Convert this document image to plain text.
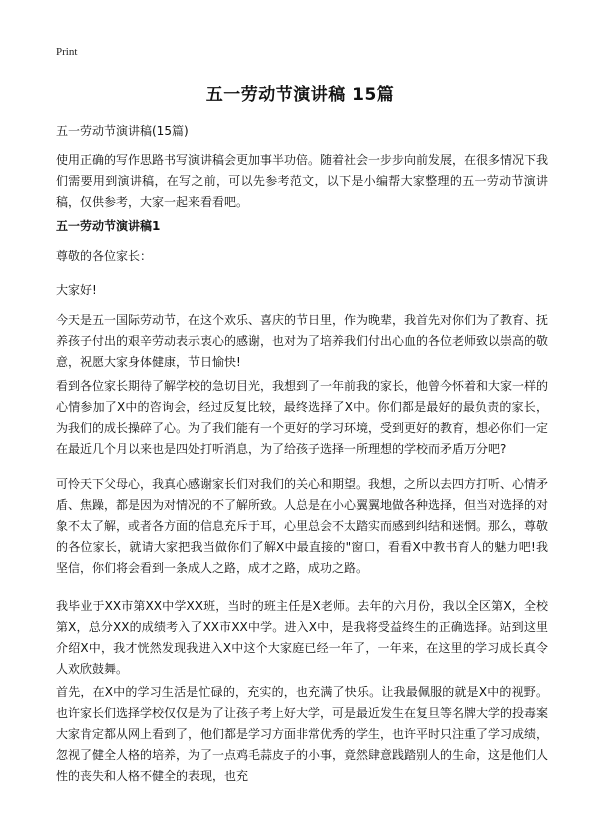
Print
五一劳动节演讲稿 15篇

五一劳动节演讲稿(15篇)

使用正确的写作思路书写演讲稿会更加事半功倍。随着社会一步步向前发展，在很多情况下我们需要用到演讲稿，在写之前，可以先参考范文，以下是小编帮大家整理的五一劳动节演讲稿，仅供参考，大家一起来看看吧。

五一劳动节演讲稿1

尊敬的各位家长：

大家好!

今天是五一国际劳动节，在这个欢乐、喜庆的节日里，作为晚辈，我首先对你们为了教育、抚养孩子付出的艰辛劳动表示衷心的感谢，也对为了培养我们付出心血的各位老师致以崇高的敬意，祝愿大家身体健康，节日愉快!

看到各位家长期待了解学校的急切目光，我想到了一年前我的家长，他曾今怀着和大家一样的心情参加了X中的咨询会，经过反复比较，最终选择了X中。你们都是最好的最负责的家长，为我们的成长操碎了心。为了我们能有一个更好的学习环境，受到更好的教育，想必你们一定在最近几个月以来也是四处打听消息，为了给孩子选择一所理想的学校而矛盾万分吧?

可怜天下父母心，我真心感谢家长们对我们的关心和期望。我想，之所以去四方打听、心情矛盾、焦躁，都是因为对情况的不了解所致。人总是在小心翼翼地做各种选择，但当对选择的对象不太了解，或者各方面的信息充斥于耳，心里总会不太踏实而感到纠结和迷惘。那么，尊敬的各位家长，就请大家把我当做你们了解X中最直接的"窗口，看看X中教书育人的魅力吧!我坚信，你们将会看到一条成人之路，成才之路，成功之路。

我毕业于XX市第XX中学XX班，当时的班主任是X老师。去年的六月份，我以全区第X，全校第X，总分XX的成绩考入了XX市XX中学。进入X中，是我将受益终生的正确选择。站到这里介绍X中，我才恍然发现我进入X中这个大家庭已经一年了，一年来，在这里的学习成长真令人欢欣鼓舞。

首先，在X中的学习生活是忙碌的，充实的，也充满了快乐。让我最佩服的就是X中的视野。也许家长们选择学校仅仅是为了让孩子考上好大学，可是最近发生在复旦等名牌大学的投毒案大家肯定都从网上看到了，他们都是学习方面非常优秀的学生，也许平时只注重了学习成绩，忽视了健全人格的培养，为了一点鸡毛蒜皮子的小事，竟然肆意践踏别人的生命，这是他们人性的丧失和人格不健全的表现，也充
